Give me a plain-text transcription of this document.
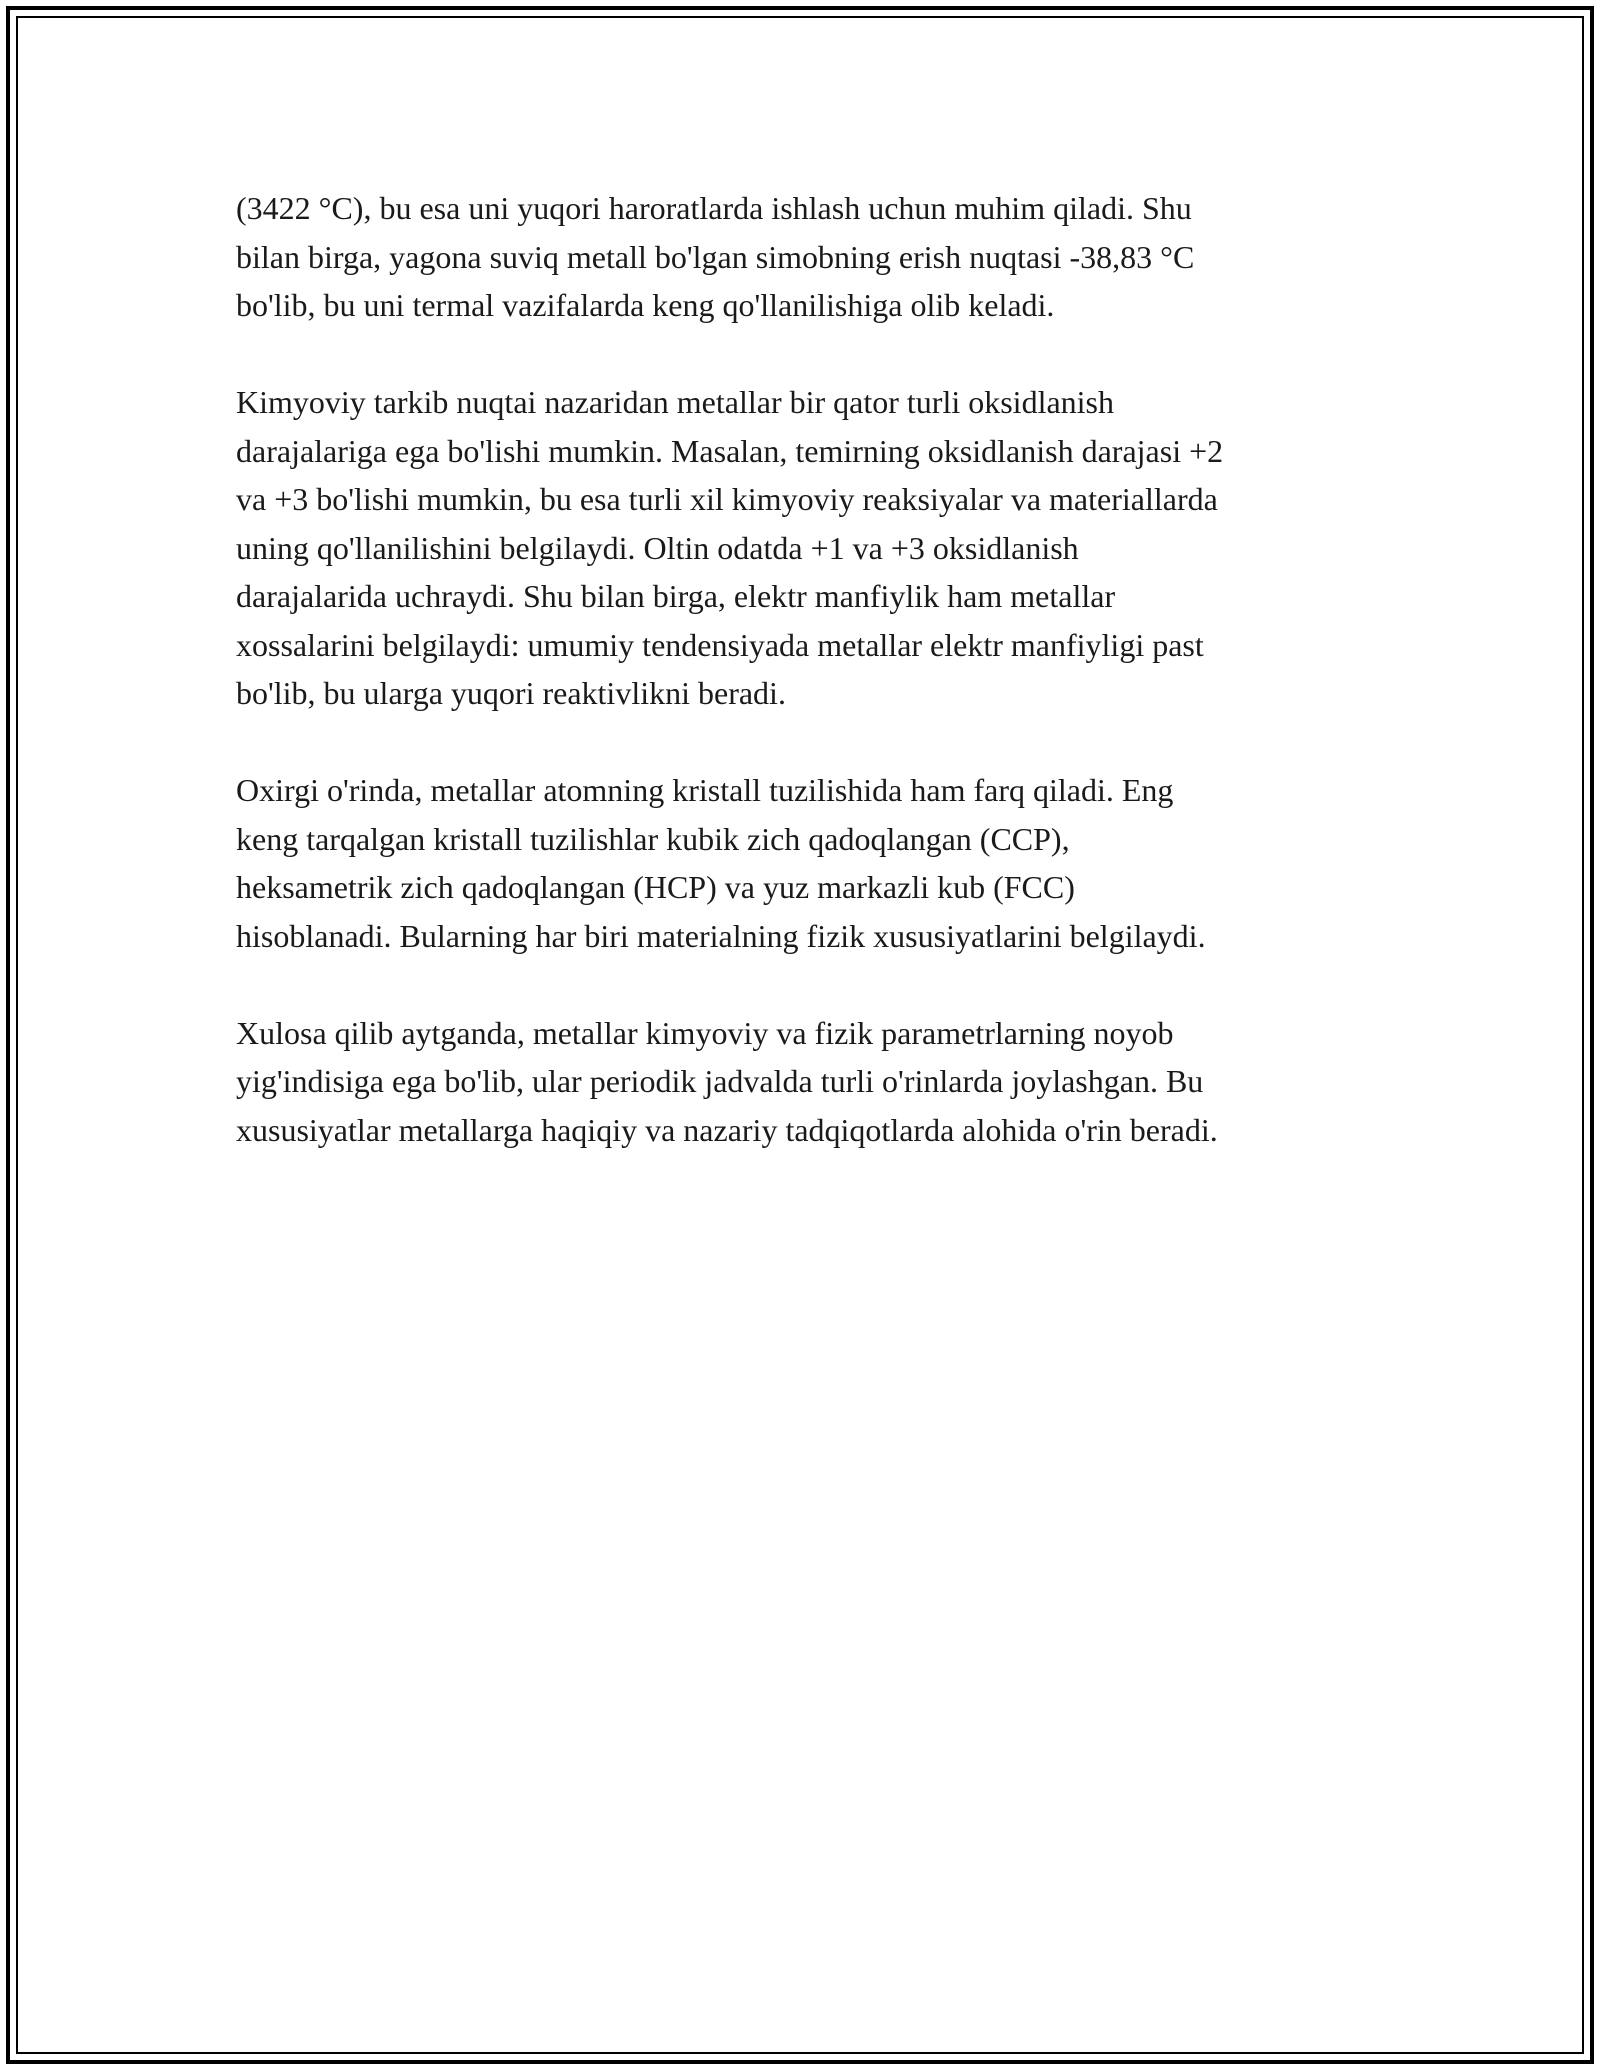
(3422 °C), bu esa uni yuqori haroratlarda ishlash uchun muhim qiladi. Shu
bilan birga, yagona suviq metall bo'lgan simobning erish nuqtasi -38,83 °C
bo'lib, bu uni termal vazifalarda keng qo'llanilishiga olib keladi.

Kimyoviy tarkib nuqtai nazaridan metallar bir qator turli oksidlanish
darajalariga ega bo'lishi mumkin. Masalan, temirning oksidlanish darajasi +2
va +3 bo'lishi mumkin, bu esa turli xil kimyoviy reaksiyalar va materiallarda
uning qo'llanilishini belgilaydi. Oltin odatda +1 va +3 oksidlanish
darajalarida uchraydi. Shu bilan birga, elektr manfiylik ham metallar
xossalarini belgilaydi: umumiy tendensiyada metallar elektr manfiyligi past
bo'lib, bu ularga yuqori reaktivlikni beradi.

Oxirgi o'rinda, metallar atomning kristall tuzilishida ham farq qiladi. Eng
keng tarqalgan kristall tuzilishlar kubik zich qadoqlangan (CCP),
heksametrik zich qadoqlangan (HCP) va yuz markazli kub (FCC)
hisoblanadi. Bularning har biri materialning fizik xususiyatlarini belgilaydi.

Xulosa qilib aytganda, metallar kimyoviy va fizik parametrlarning noyob
yig'indisiga ega bo'lib, ular periodik jadvalda turli o'rinlarda joylashgan. Bu
xususiyatlar metallarga haqiqiy va nazariy tadqiqotlarda alohida o'rin beradi.
